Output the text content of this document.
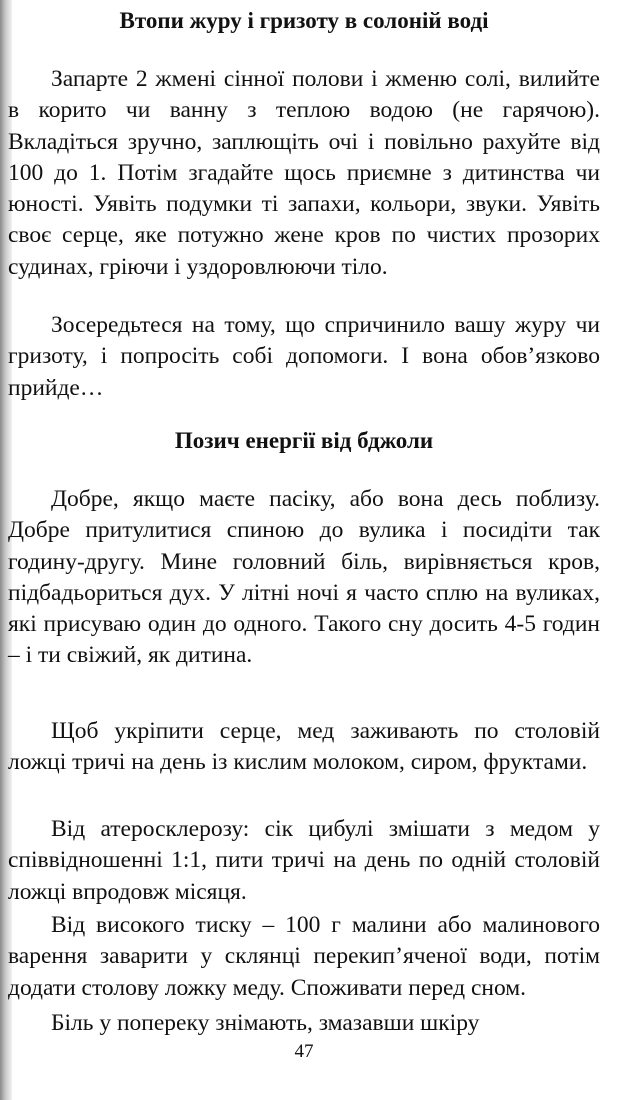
Втопи журу і гризоту в солоній воді

Запарте 2 жмені сінної полови і жменю солі, вилийте в корито чи ванну з теплою водою (не гарячою). Вкладіться зручно, заплющіть очі і повільно рахуйте від 100 до 1. Потім згадайте щось приємне з дитинства чи юності. Уявіть подумки ті запахи, кольори, звуки. Уявіть своє серце, яке потужно жене кров по чистих прозорих судинах, гріючи і уздоровлюючи тіло.

Зосередьтеся на тому, що спричинило вашу журу чи гризоту, і попросіть собі допомоги. І вона обов’язково прийде…

Позич енергії від бджоли

Добре, якщо маєте пасіку, або вона десь поблизу. Добре притулитися спиною до вулика і посидіти так годину-другу. Мине головний біль, вирівняється кров, підбадьориться дух. У літні ночі я часто сплю на вуликах, які присуваю один до одного. Такого сну досить 4-5 годин – і ти свіжий, як дитина.

Щоб укріпити серце, мед заживають по столовій ложці тричі на день із кислим молоком, сиром, фруктами.

Від атеросклерозу: сік цибулі змішати з медом у співвідношенні 1:1, пити тричі на день по одній столовій ложці впродовж місяця.

Від високого тиску – 100 г малини або малинового варення заварити у склянці перекип’яченої води, потім додати столову ложку меду. Споживати перед сном.

Біль у попереку знімають, змазавши шкіру

47
